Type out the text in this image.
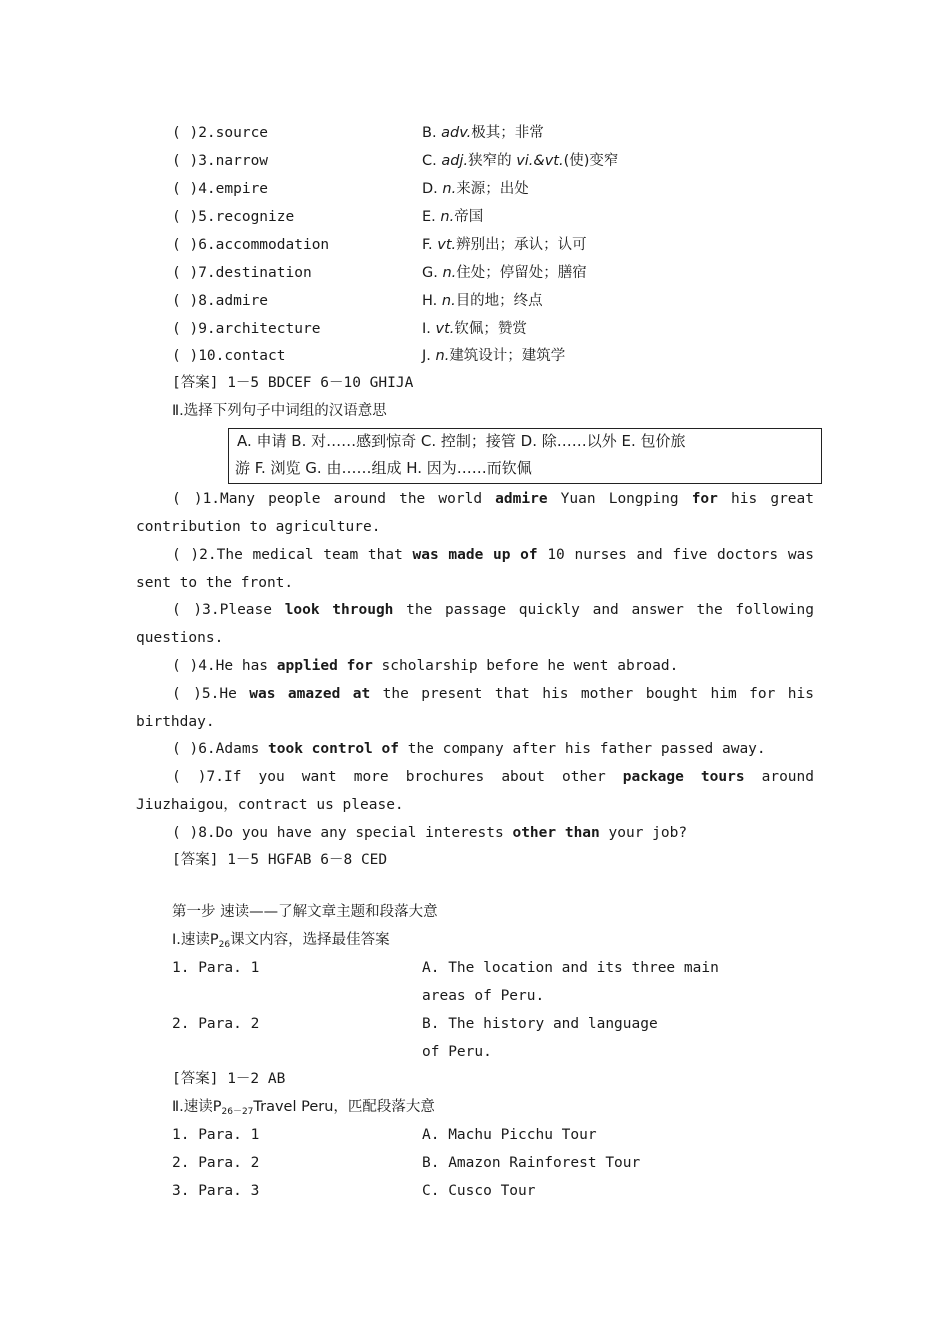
( )2.source	B. adv.极其；非常
( )3.narrow	C. adj.狭窄的 vi.&vt.(使)变窄
( )4.empire	D. n.来源；出处
( )5.recognize	E. n.帝国
( )6.accommodation	F. vt.辨别出；承认；认可
( )7.destination	G. n.住处；停留处；膳宿
( )8.admire	H. n.目的地；终点
( )9.architecture	I. vt.钦佩；赞赏
( )10.contact	J. n.建筑设计；建筑学
[答案] 1－5 BDCEF 6－10 GHIJA
Ⅱ.选择下列句子中词组的汉语意思
A. 申请 B. 对……感到惊奇 C. 控制；接管 D. 除……以外 E. 包价旅
游 F. 浏览 G. 由……组成 H. 因为……而钦佩
( )1.Many people around the world admire Yuan Longping for his great
contribution to agriculture.
( )2.The medical team that was made up of 10 nurses and five doctors was
sent to the front.
( )3.Please look through the passage quickly and answer the following
questions.
( )4.He has applied for scholarship before he went abroad.
( )5.He was amazed at the present that his mother bought him for his
birthday.
( )6.Adams took control of the company after his father passed away.
( )7.If you want more brochures about other package tours around
Jiuzhaigou，contract us please.
( )8.Do you have any special interests other than your job?
[答案] 1－5 HGFAB 6－8 CED
第一步 速读——了解文章主题和段落大意
Ⅰ.速读$P_{26}$课文内容，选择最佳答案
1. Para. 1	A. The location and its three main
areas of Peru.
2. Para. 2	B. The history and language
of Peru.
[答案] 1－2 AB
Ⅱ.速读$P_{26-27}Travel$ Peru，匹配段落大意
1. Para. 1	A. Machu Picchu Tour
2. Para. 2	B. Amazon Rainforest Tour
3. Para. 3	C. Cusco Tour
